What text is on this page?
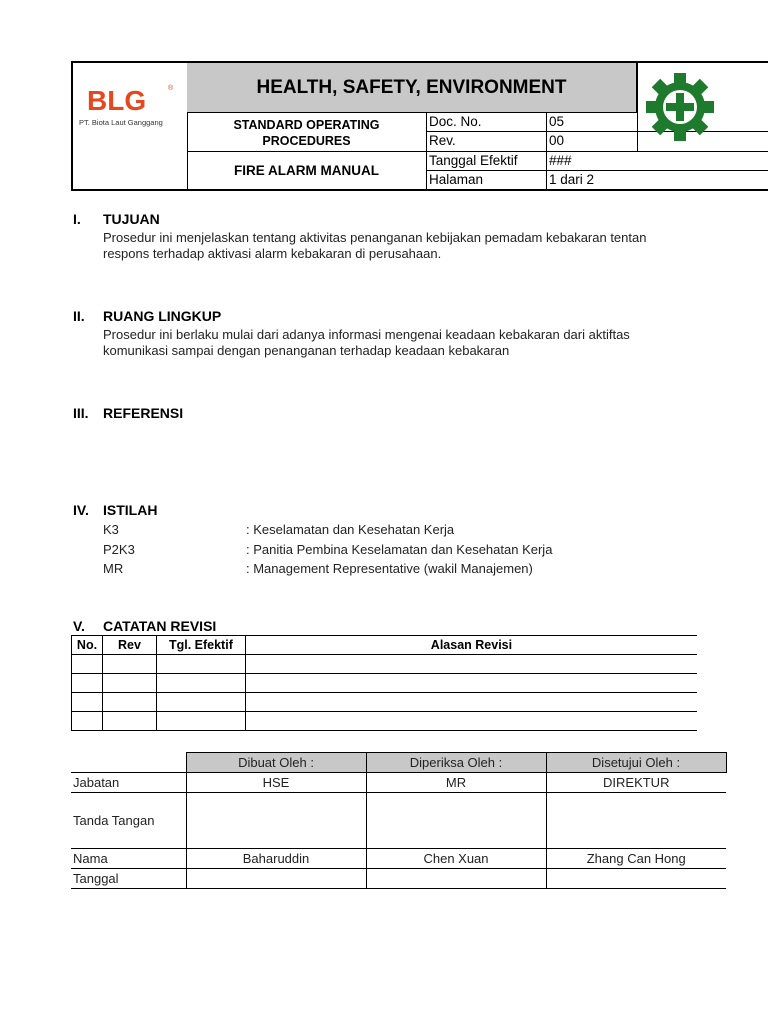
BLG	®
PT. Biota Laut Ganggang
HEALTH, SAFETY, ENVIRONMENT
STANDARD OPERATING
PROCEDURES
FIRE ALARM MANUAL
Doc. No.	05
Rev.	00
Tanggal Efektif ###
Halaman	1 dari 2
I. TUJUAN
Prosedur ini menjelaskan tentang aktivitas penanganan kebijakan pemadam kebakaran tentan
respons terhadap aktivasi alarm kebakaran di perusahaan.
II. RUANG LINGKUP
Prosedur ini berlaku mulai dari adanya informasi mengenai keadaan kebakaran dari aktiftas
komunikasi sampai dengan penanganan terhadap keadaan kebakaran
III. REFERENSI
IV. ISTILAH
K3	: Keselamatan dan Kesehatan Kerja
P2K3	: Panitia Pembina Keselamatan dan Kesehatan Kerja
MR	: Management Representative (wakil Manajemen)
V. CATATAN REVISI
No.	Rev	Tgl. Efektif	Alasan Revisi

	Dibuat Oleh :	Diperiksa Oleh :	Disetujui Oleh :
Jabatan	HSE	MR	DIREKTUR
Tanda Tangan			
Nama	Baharuddin	Chen Xuan	Zhang Can Hong
Tanggal			
